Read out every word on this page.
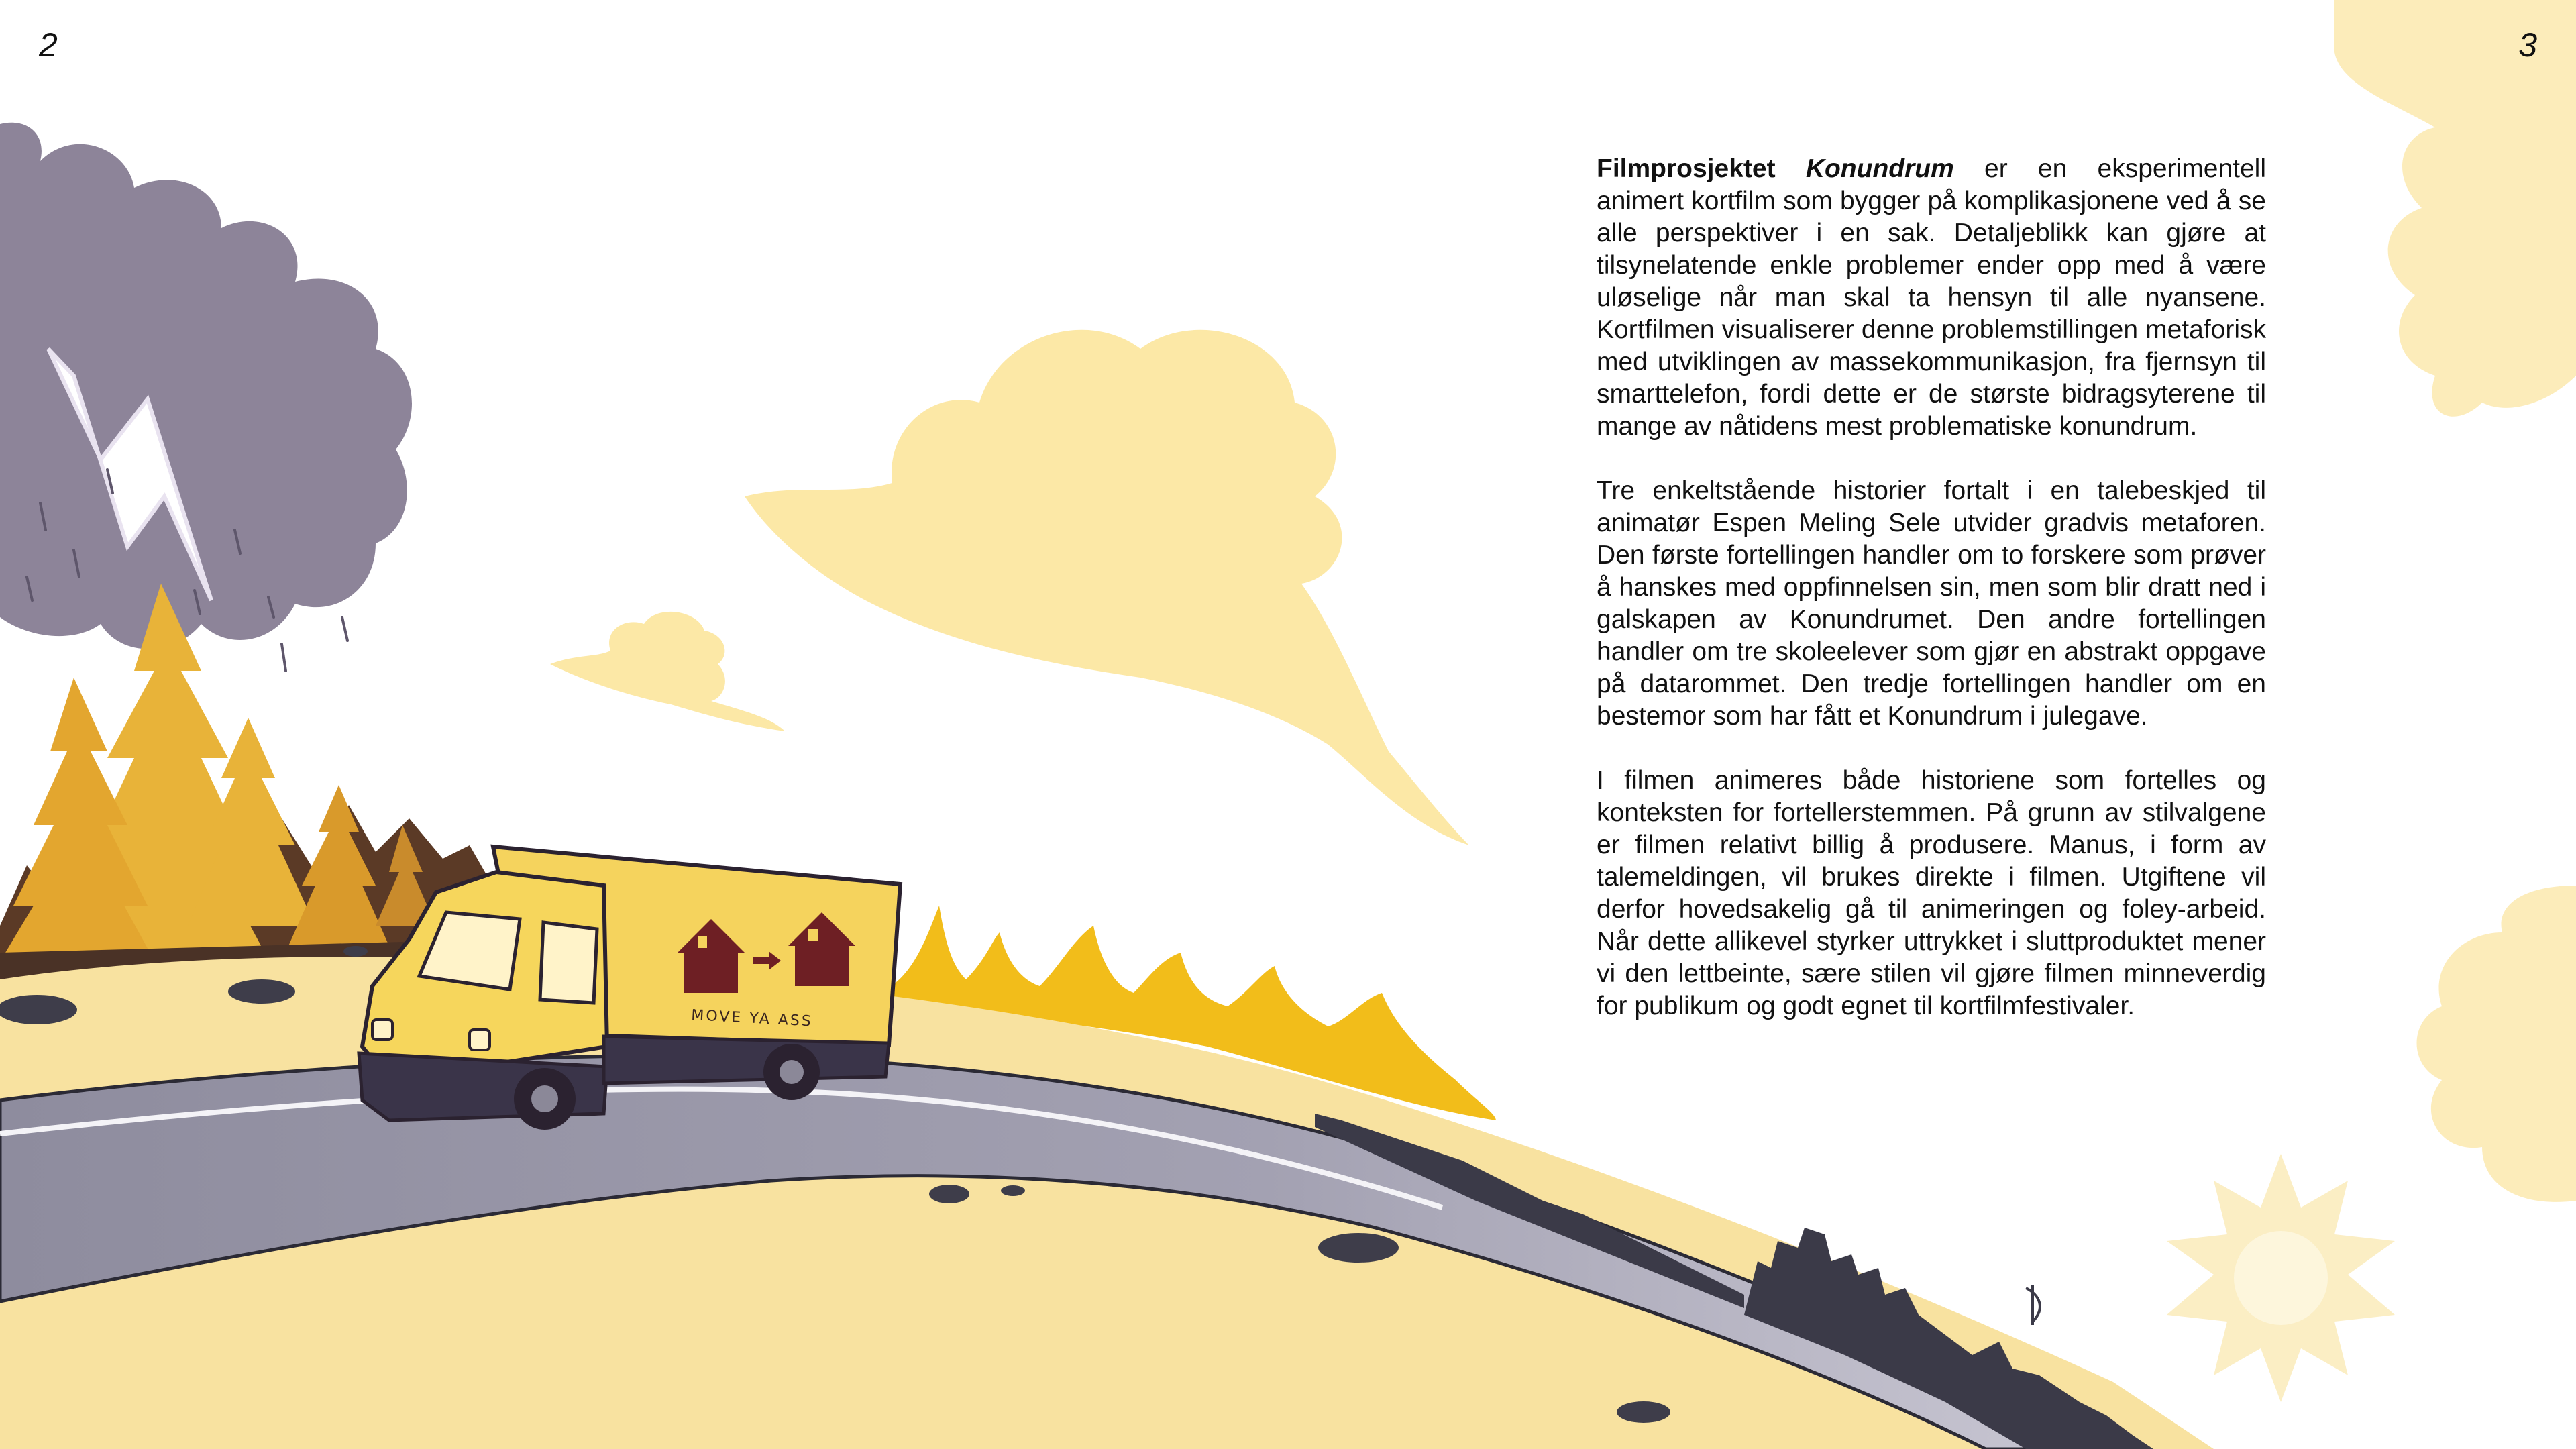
MOVE YA ASS
2	3

Filmprosjektet Konundrum er en eksperimentell animert kortfilm som bygger på komplikasjonene ved å se alle perspektiver i en sak. Detaljeblikk kan gjøre at tilsynelatende enkle problemer ender opp med å være uløselige når man skal ta hensyn til alle nyansene. Kortfilmen visualiserer denne problemstillingen metaforisk med utviklingen av massekommunikasjon, fra fjernsyn til smarttelefon, fordi dette er de største bidragsyterene til mange av nåtidens mest problematiske konundrum.

Tre enkeltstående historier fortalt i en talebeskjed til animatør Espen Meling Sele utvider gradvis metaforen. Den første fortellingen handler om to forskere som prøver å hanskes med oppfinnelsen sin, men som blir dratt ned i galskapen av Konundrumet. Den andre fortellingen handler om tre skoleelever som gjør en abstrakt oppgave på datarommet. Den tredje fortellingen handler om en bestemor som har fått et Konundrum i julegave.

I filmen animeres både historiene som fortelles og konteksten for fortellerstemmen. På grunn av stilvalgene er filmen relativt billig å produsere. Manus, i form av talemeldingen, vil brukes direkte i filmen. Utgiftene vil derfor hovedsakelig gå til animeringen og foley-arbeid. Når dette allikevel styrker uttrykket i sluttproduktet mener vi den lettbeinte, sære stilen vil gjøre filmen minneverdig for publikum og godt egnet til kortfilmfestivaler.
